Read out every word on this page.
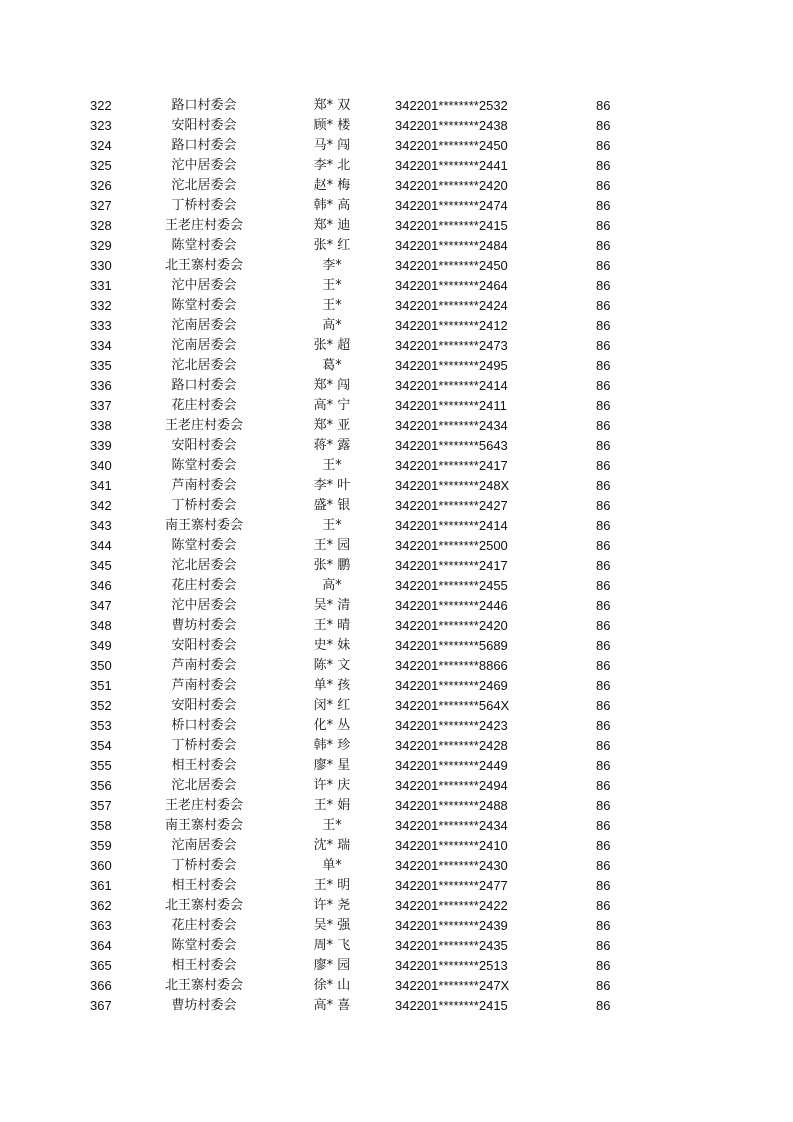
322	路口村委会	郑* 双	342201********2532	86
323	安阳村委会	顾* 楼	342201********2438	86
324	路口村委会	马* 闯	342201********2450	86
325	沱中居委会	李* 北	342201********2441	86
326	沱北居委会	赵* 梅	342201********2420	86
327	丁桥村委会	韩* 高	342201********2474	86
328	王老庄村委会	郑* 迪	342201********2415	86
329	陈堂村委会	张* 红	342201********2484	86
330	北王寨村委会	李*	342201********2450	86
331	沱中居委会	王*	342201********2464	86
332	陈堂村委会	王*	342201********2424	86
333	沱南居委会	高*	342201********2412	86
334	沱南居委会	张* 超	342201********2473	86
335	沱北居委会	葛*	342201********2495	86
336	路口村委会	郑* 闯	342201********2414	86
337	花庄村委会	高* 宁	342201********2411	86
338	王老庄村委会	郑* 亚	342201********2434	86
339	安阳村委会	蒋* 露	342201********5643	86
340	陈堂村委会	王*	342201********2417	86
341	芦南村委会	李* 叶	342201********248X	86
342	丁桥村委会	盛* 银	342201********2427	86
343	南王寨村委会	王*	342201********2414	86
344	陈堂村委会	王* 园	342201********2500	86
345	沱北居委会	张* 鹏	342201********2417	86
346	花庄村委会	高*	342201********2455	86
347	沱中居委会	吴* 清	342201********2446	86
348	曹坊村委会	王* 晴	342201********2420	86
349	安阳村委会	史* 妹	342201********5689	86
350	芦南村委会	陈* 文	342201********8866	86
351	芦南村委会	单* 孩	342201********2469	86
352	安阳村委会	闵* 红	342201********564X	86
353	桥口村委会	化* 丛	342201********2423	86
354	丁桥村委会	韩* 珍	342201********2428	86
355	相王村委会	廖* 星	342201********2449	86
356	沱北居委会	许* 庆	342201********2494	86
357	王老庄村委会	王* 娟	342201********2488	86
358	南王寨村委会	王*	342201********2434	86
359	沱南居委会	沈* 瑞	342201********2410	86
360	丁桥村委会	单*	342201********2430	86
361	相王村委会	王* 明	342201********2477	86
362	北王寨村委会	许* 尧	342201********2422	86
363	花庄村委会	吴* 强	342201********2439	86
364	陈堂村委会	周* 飞	342201********2435	86
365	相王村委会	廖* 园	342201********2513	86
366	北王寨村委会	徐* 山	342201********247X	86
367	曹坊村委会	高* 喜	342201********2415	86
